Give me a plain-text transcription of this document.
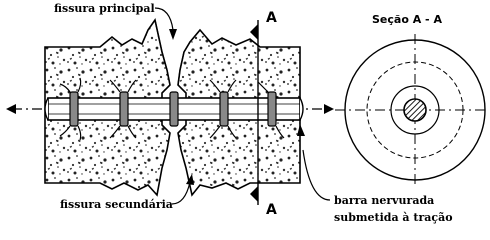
fissura principal
fissura secundária	barra nervurada
submetida à tração
A
A
Seção A - A
